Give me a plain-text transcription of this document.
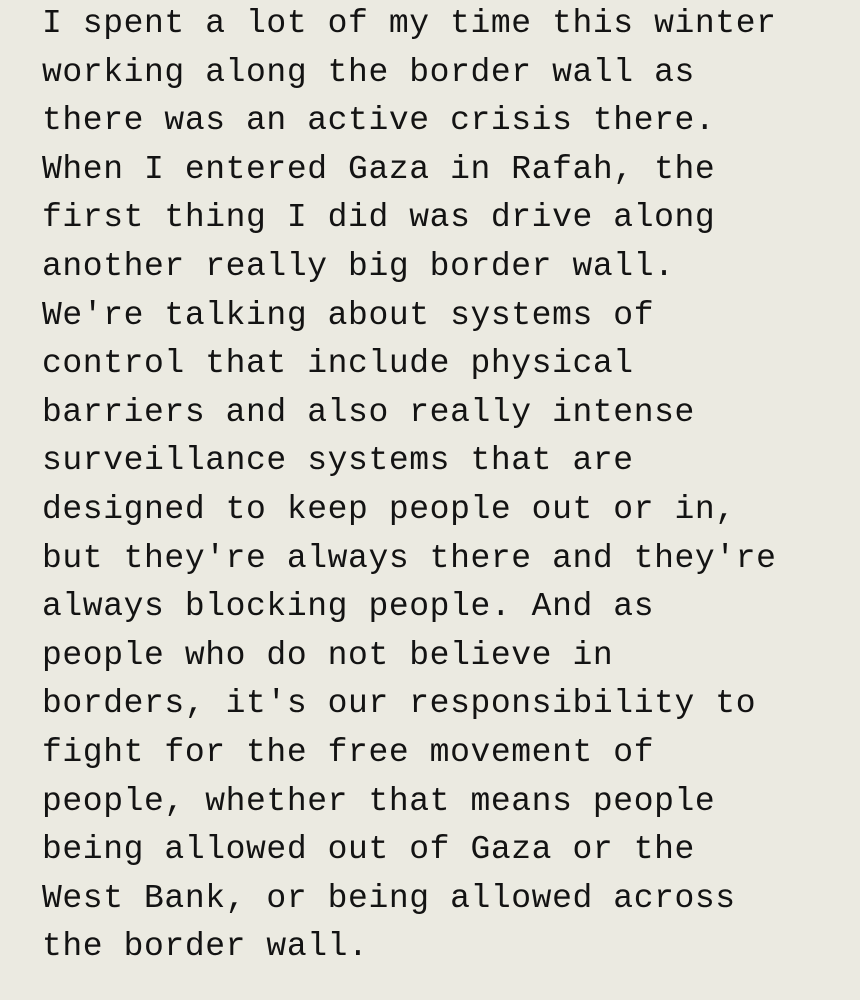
I spent a lot of my time this winter
working along the border wall as
there was an active crisis there.
When I entered Gaza in Rafah, the
first thing I did was drive along
another really big border wall.
We're talking about systems of
control that include physical
barriers and also really intense
surveillance systems that are
designed to keep people out or in,
but they're always there and they're
always blocking people. And as
people who do not believe in
borders, it's our responsibility to
fight for the free movement of
people, whether that means people
being allowed out of Gaza or the
West Bank, or being allowed across
the border wall.
